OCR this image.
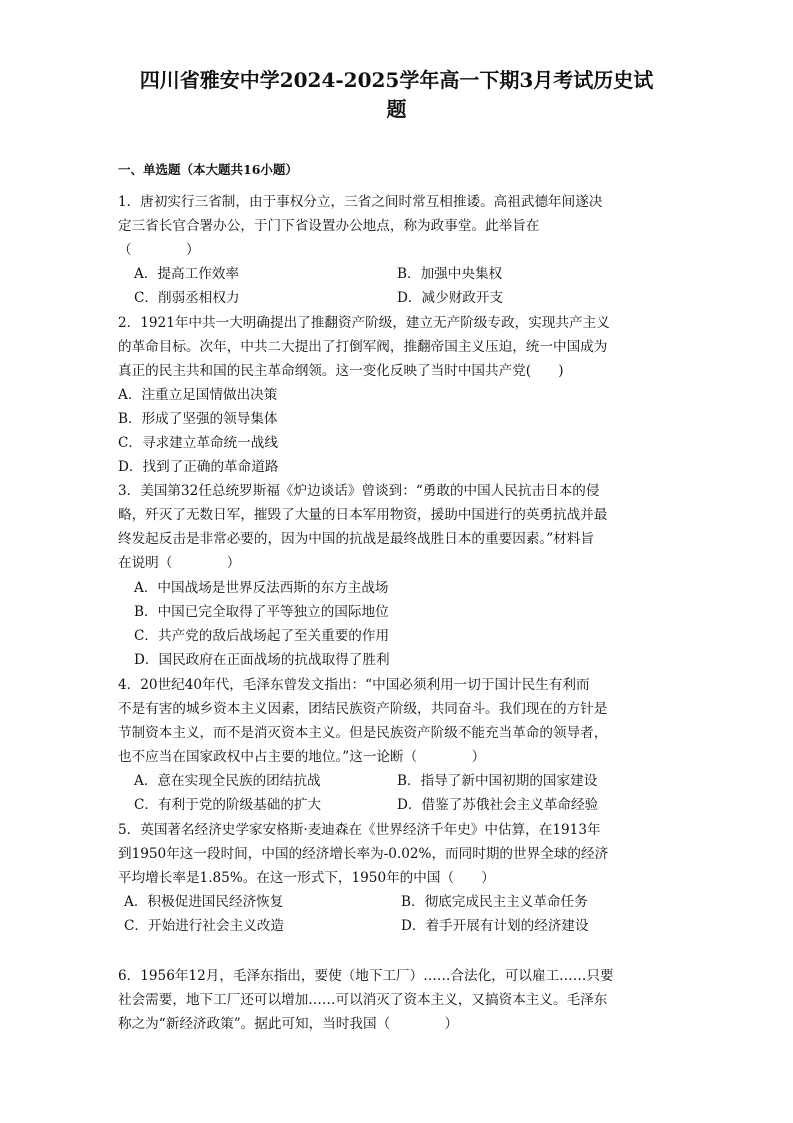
四川省雅安中学2024-2025学年高一下期3月考试历史试
题
一、单选题（本大题共16小题）
1．唐初实行三省制，由于事权分立，三省之间时常互相推诿。高祖武德年间遂决
定三省长官合署办公，于门下省设置办公地点，称为政事堂。此举旨在
（　　　　）
A．提高工作效率	B．加强中央集权
C．削弱丞相权力	D．减少财政开支
2．1921年中共一大明确提出了推翻资产阶级，建立无产阶级专政，实现共产主义
的革命目标。次年，中共二大提出了打倒军阀，推翻帝国主义压迫，统一中国成为
真正的民主共和国的民主革命纲领。这一变化反映了当时中国共产党(　　)
A．注重立足国情做出决策
B．形成了坚强的领导集体
C．寻求建立革命统一战线
D．找到了正确的革命道路
3．美国第32任总统罗斯福《炉边谈话》曾谈到：“勇敢的中国人民抗击日本的侵
略，歼灭了无数日军，摧毁了大量的日本军用物资，援助中国进行的英勇抗战并最
终发起反击是非常必要的，因为中国的抗战是最终战胜日本的重要因素。”材料旨
在说明（　　　　）
A．中国战场是世界反法西斯的东方主战场
B．中国已完全取得了平等独立的国际地位
C．共产党的敌后战场起了至关重要的作用
D．国民政府在正面战场的抗战取得了胜利
4．20世纪40年代，毛泽东曾发文指出：“中国必须利用一切于国计民生有利而
不是有害的城乡资本主义因素，团结民族资产阶级，共同奋斗。我们现在的方针是
节制资本主义，而不是消灭资本主义。但是民族资产阶级不能充当革命的领导者，
也不应当在国家政权中占主要的地位。”这一论断（　　　　）
A．意在实现全民族的团结抗战	B．指导了新中国初期的国家建设
C．有利于党的阶级基础的扩大	D．借鉴了苏俄社会主义革命经验
5．英国著名经济史学家安格斯·麦迪森在《世界经济千年史》中估算，在1913年
到1950年这一段时间，中国的经济增长率为-0.02%，而同时期的世界全球的经济
平均增长率是1.85%。在这一形式下，1950年的中国（　　）
A．积极促进国民经济恢复	B．彻底完成民主主义革命任务
C．开始进行社会主义改造	D．着手开展有计划的经济建设
6．1956年12月，毛泽东指出，要使（地下工厂）……合法化，可以雇工……只要
社会需要，地下工厂还可以增加……可以消灭了资本主义，又搞资本主义。毛泽东
称之为“新经济政策”。据此可知，当时我国（　　　　）
